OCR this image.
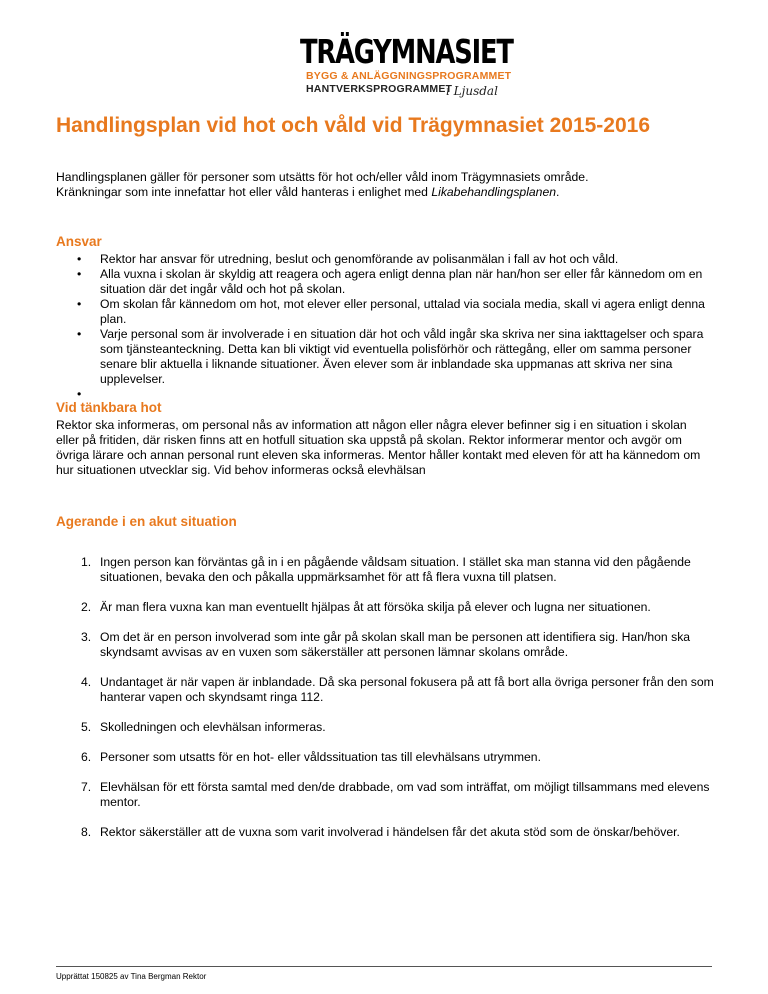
TRÄGYMNASIET
BYGG & ANLÄGGNINGSPROGRAMMET
HANTVERKSPROGRAMMET
i Ljusdal
Handlingsplan vid hot och våld vid Trägymnasiet 2015-2016

Handlingsplanen gäller för personer som utsätts för hot och/eller våld inom Trägymnasiets område.

Kränkningar som inte innefattar hot eller våld hanteras i enlighet med Likabehandlingsplanen.

Ansvar
• Rektor har ansvar för utredning, beslut och genomförande av polisanmälan i fall av hot och våld.
• Alla vuxna i skolan är skyldig att reagera och agera enligt denna plan när han/hon ser eller får kännedom om en situation där det ingår våld och hot på skolan.
• Om skolan får kännedom om hot, mot elever eller personal, uttalad via sociala media, skall vi agera enligt denna plan.
• Varje personal som är involverade i en situation där hot och våld ingår ska skriva ner sina iakttagelser och spara som tjänsteanteckning. Detta kan bli viktigt vid eventuella polisförhör och rättegång, eller om samma personer senare blir aktuella i liknande situationer. Även elever som är inblandade ska uppmanas att skriva ner sina upplevelser.
•
Vid tänkbara hot

Rektor ska informeras, om personal nås av information att någon eller några elever befinner sig i en situation i skolan eller på fritiden, där risken finns att en hotfull situation ska uppstå på skolan. Rektor informerar mentor och avgör om övriga lärare och annan personal runt eleven ska informeras. Mentor håller kontakt med eleven för att ha kännedom om hur situationen utvecklar sig. Vid behov informeras också elevhälsan

Agerande i en akut situation
1. Ingen person kan förväntas gå in i en pågående våldsam situation. I stället ska man stanna vid den pågående situationen, bevaka den och påkalla uppmärksamhet för att få flera vuxna till platsen.
2. Är man flera vuxna kan man eventuellt hjälpas åt att försöka skilja på elever och lugna ner situationen.
3. Om det är en person involverad som inte går på skolan skall man be personen att identifiera sig. Han/hon ska skyndsamt avvisas av en vuxen som säkerställer att personen lämnar skolans område.
4. Undantaget är när vapen är inblandade. Då ska personal fokusera på att få bort alla övriga personer från den som hanterar vapen och skyndsamt ringa 112.
5. Skolledningen och elevhälsan informeras.
6. Personer som utsatts för en hot- eller våldssituation tas till elevhälsans utrymmen.
7. Elevhälsan för ett första samtal med den/de drabbade, om vad som inträffat, om möjligt tillsammans med elevens mentor.
8. Rektor säkerställer att de vuxna som varit involverad i händelsen får det akuta stöd som de önskar/behöver.
Upprättat 150825 av Tina Bergman Rektor
